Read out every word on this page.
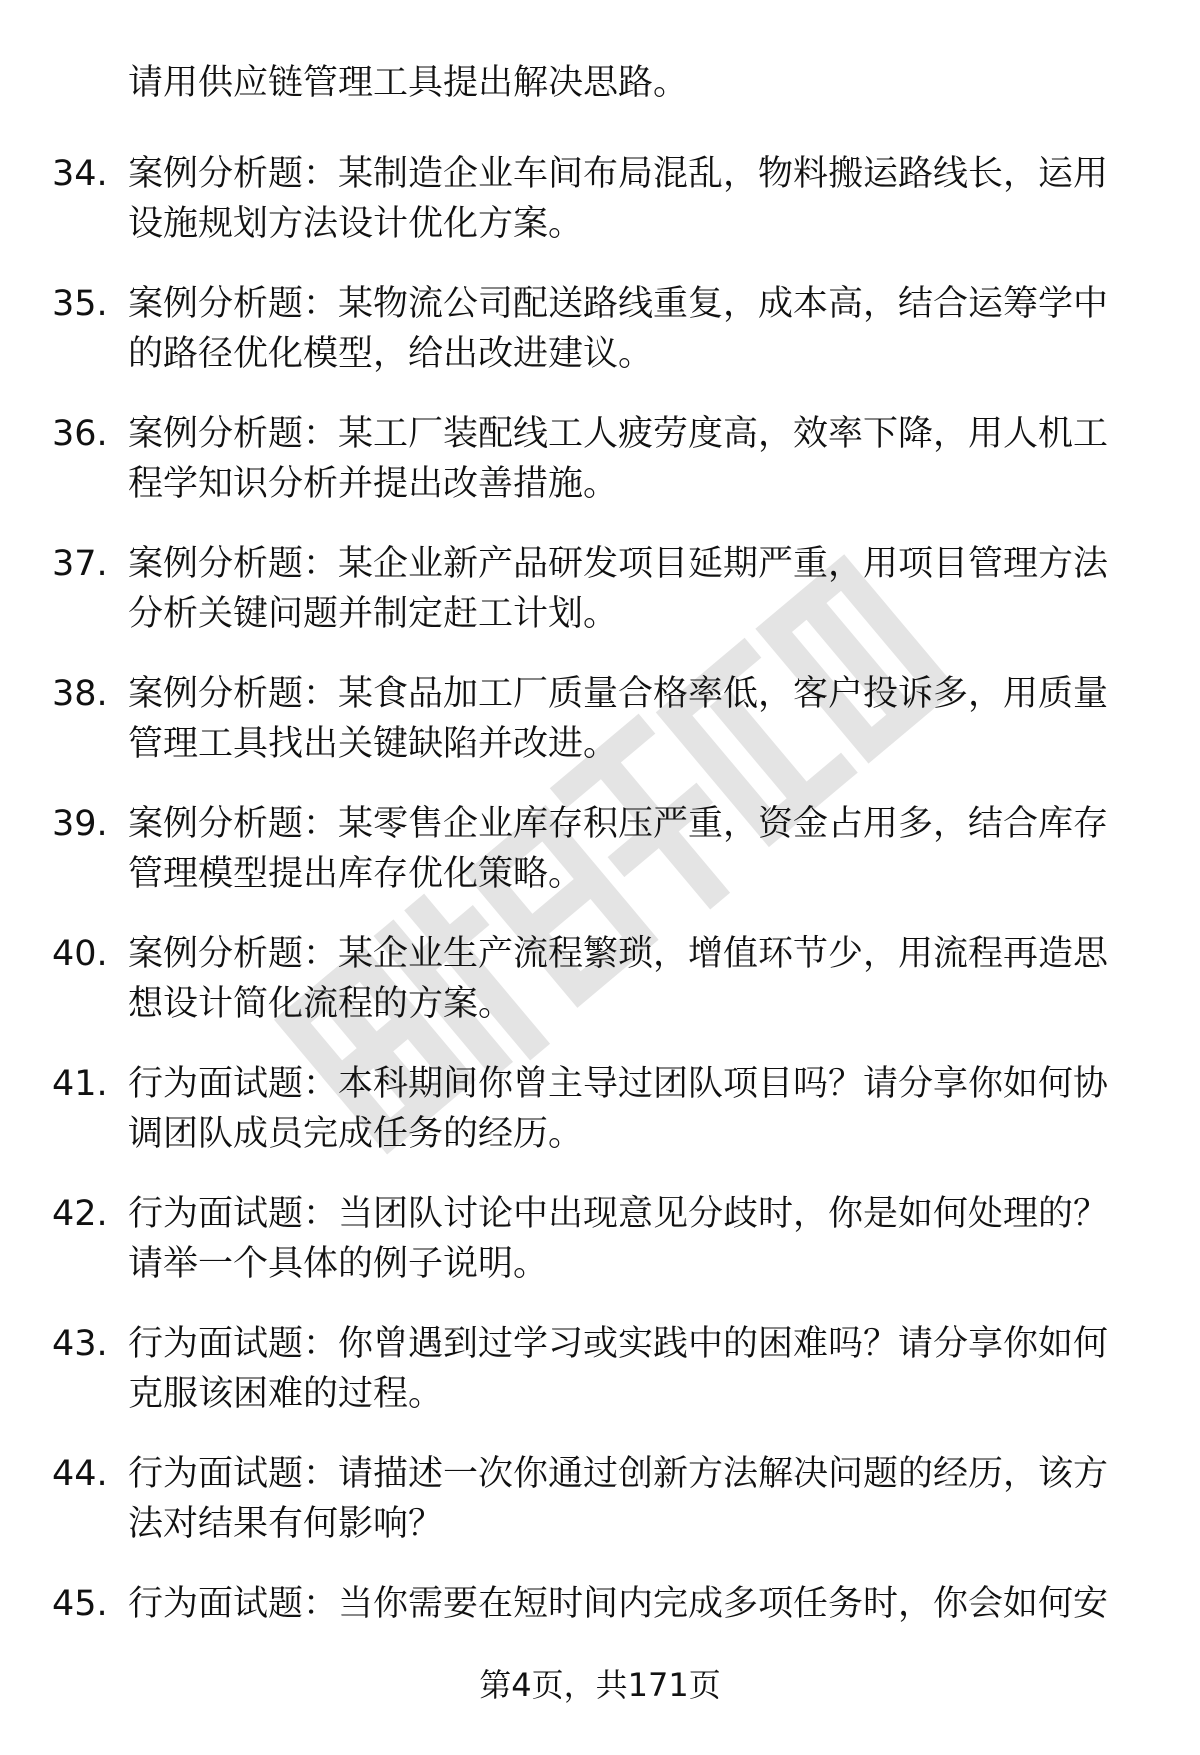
请用供应链管理工具提出解决思路。

34. 案例分析题：某制造企业车间布局混乱，物料搬运路线长，运用
设施规划方法设计优化方案。

35. 案例分析题：某物流公司配送路线重复，成本高，结合运筹学中
的路径优化模型，给出改进建议。

36. 案例分析题：某工厂装配线工人疲劳度高，效率下降，用人机工
程学知识分析并提出改善措施。

37. 案例分析题：某企业新产品研发项目延期严重，用项目管理方法
分析关键问题并制定赶工计划。

38. 案例分析题：某食品加工厂质量合格率低，客户投诉多，用质量
管理工具找出关键缺陷并改进。

39. 案例分析题：某零售企业库存积压严重，资金占用多，结合库存
管理模型提出库存优化策略。

40. 案例分析题：某企业生产流程繁琐，增值环节少，用流程再造思
想设计简化流程的方案。

41. 行为面试题：本科期间你曾主导过团队项目吗？请分享你如何协
调团队成员完成任务的经历。

42. 行为面试题：当团队讨论中出现意见分歧时，你是如何处理的？
请举一个具体的例子说明。

43. 行为面试题：你曾遇到过学习或实践中的困难吗？请分享你如何
克服该困难的过程。

44. 行为面试题：请描述一次你通过创新方法解决问题的经历，该方
法对结果有何影响？

45. 行为面试题：当你需要在短时间内完成多项任务时，你会如何安

第4页，共171页
